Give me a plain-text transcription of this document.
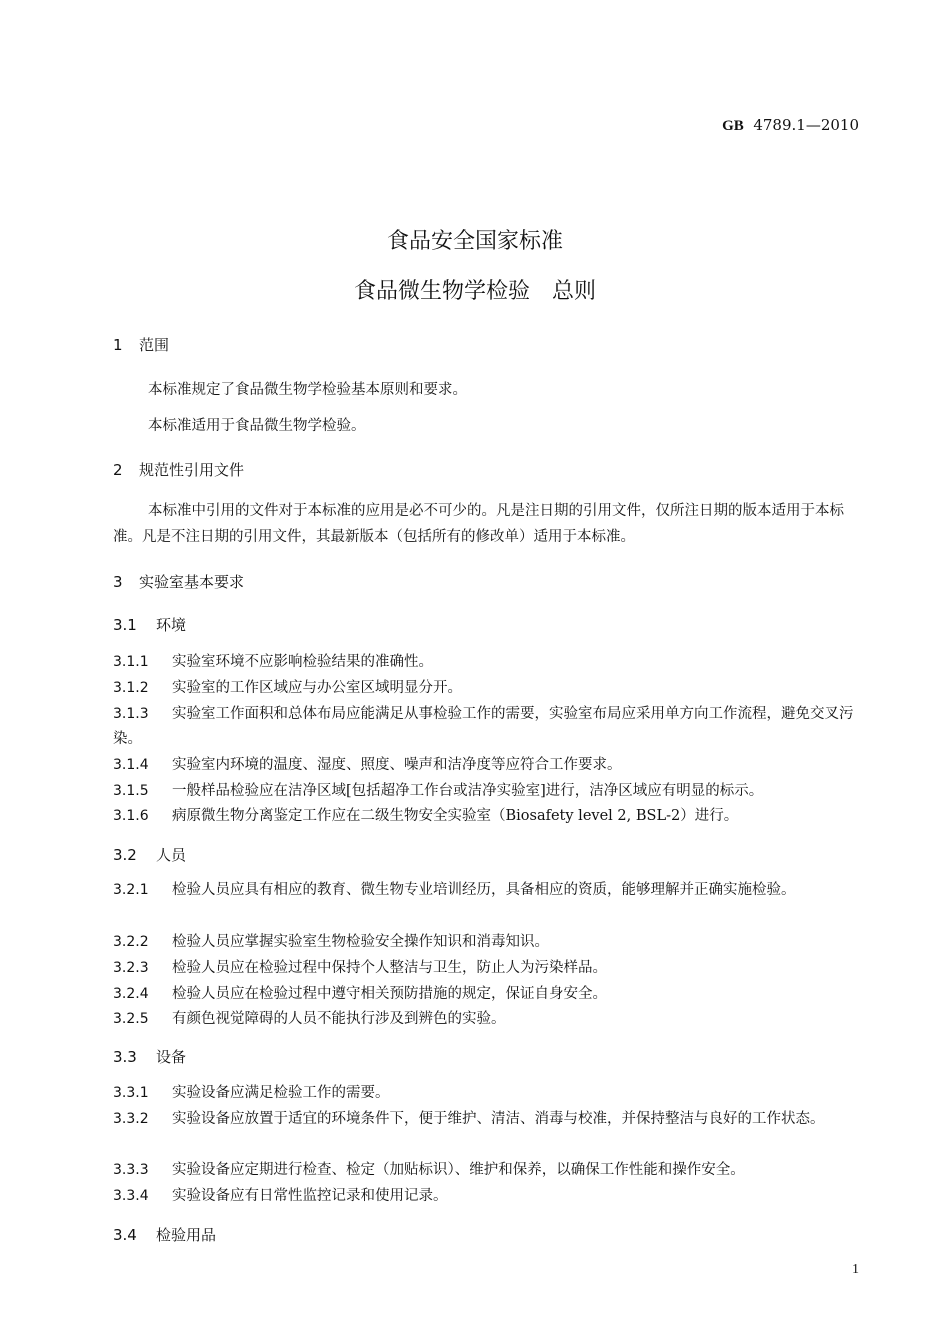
GB 4789.1—2010
食品安全国家标准
食品微生物学检验　总则
1 范围
本标准规定了食品微生物学检验基本原则和要求。
本标准适用于食品微生物学检验。
2 规范性引用文件
本标准中引用的文件对于本标准的应用是必不可少的。凡是注日期的引用文件，仅所注日期的版本适用于本标准。凡是不注日期的引用文件，其最新版本（包括所有的修改单）适用于本标准。
3 实验室基本要求
3.1 环境
3.1.1 实验室环境不应影响检验结果的准确性。
3.1.2 实验室的工作区域应与办公室区域明显分开。
3.1.3 实验室工作面积和总体布局应能满足从事检验工作的需要，实验室布局应采用单方向工作流程，避免交叉污染。
3.1.4 实验室内环境的温度、湿度、照度、噪声和洁净度等应符合工作要求。
3.1.5 一般样品检验应在洁净区域[包括超净工作台或洁净实验室]进行，洁净区域应有明显的标示。
3.1.6 病原微生物分离鉴定工作应在二级生物安全实验室（Biosafety level 2, BSL-2）进行。
3.2 人员
3.2.1 检验人员应具有相应的教育、微生物专业培训经历，具备相应的资质，能够理解并正确实施检验。
3.2.2 检验人员应掌握实验室生物检验安全操作知识和消毒知识。
3.2.3 检验人员应在检验过程中保持个人整洁与卫生，防止人为污染样品。
3.2.4 检验人员应在检验过程中遵守相关预防措施的规定，保证自身安全。
3.2.5 有颜色视觉障碍的人员不能执行涉及到辨色的实验。
3.3 设备
3.3.1 实验设备应满足检验工作的需要。
3.3.2 实验设备应放置于适宜的环境条件下，便于维护、清洁、消毒与校准，并保持整洁与良好的工作状态。
3.3.3 实验设备应定期进行检查、检定（加贴标识）、维护和保养，以确保工作性能和操作安全。
3.3.4 实验设备应有日常性监控记录和使用记录。
3.4 检验用品
1
